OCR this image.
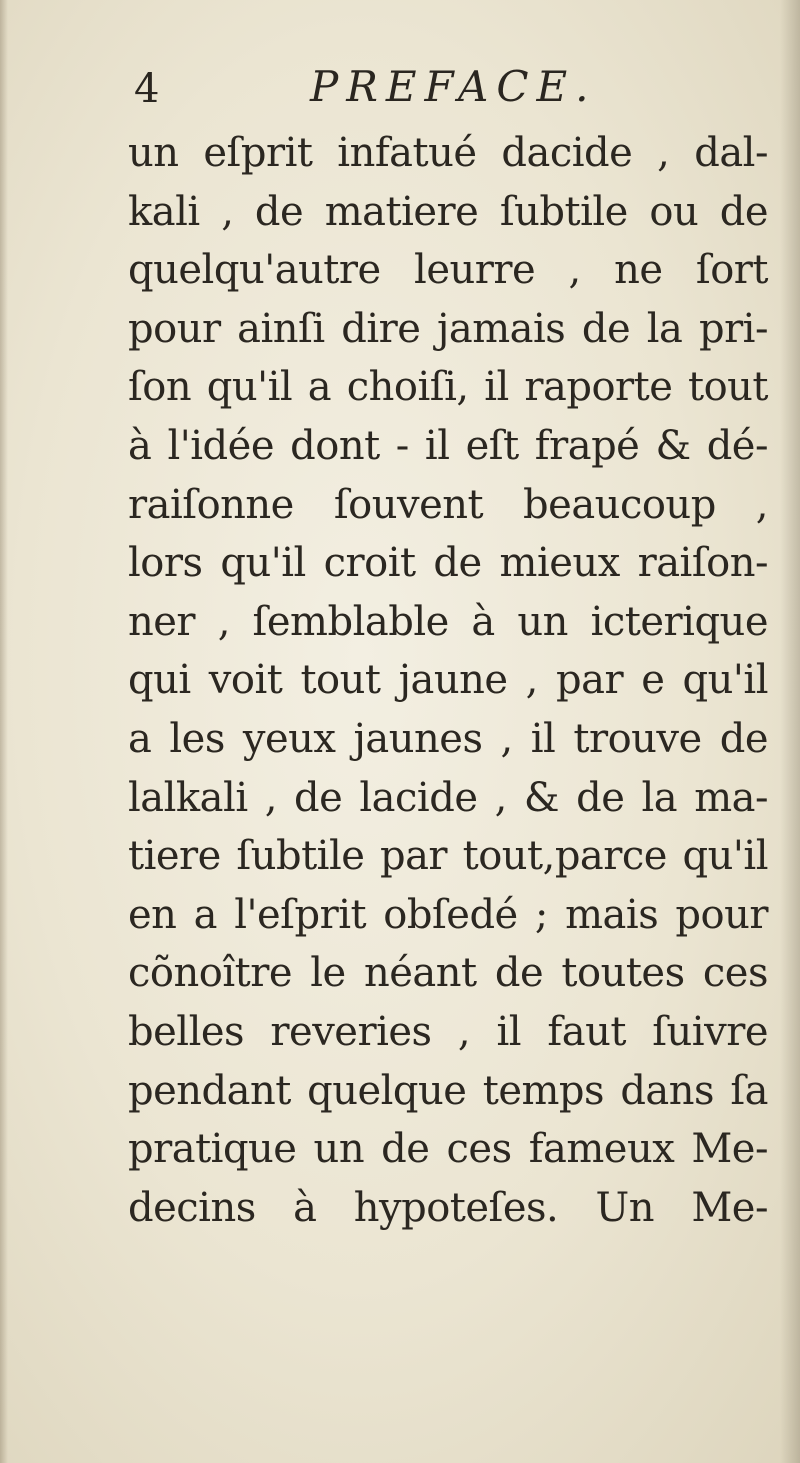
4	PREFACE.
un eſprit infatué dacide , dal-
kali , de matiere ſubtile ou de
quelqu'autre leurre , ne ſort
pour ainſi dire jamais de la pri-
ſon qu'il a choiſi, il raporte tout
à l'idée dont - il eſt frapé & dé-
raiſonne ſouvent beaucoup ,
lors qu'il croit de mieux raiſon-
ner , ſemblable à un icterique
qui voit tout jaune , par e qu'il
a les yeux jaunes , il trouve de
lalkali , de lacide , & de la ma-
tiere ſubtile par tout,parce qu'il
en a l'eſprit obſedé ; mais pour
cõnoître le néant de toutes ces
belles reveries , il faut ſuivre
pendant quelque temps dans ſa
pratique un de ces fameux Me-
decins à hypoteſes. Un Me-
